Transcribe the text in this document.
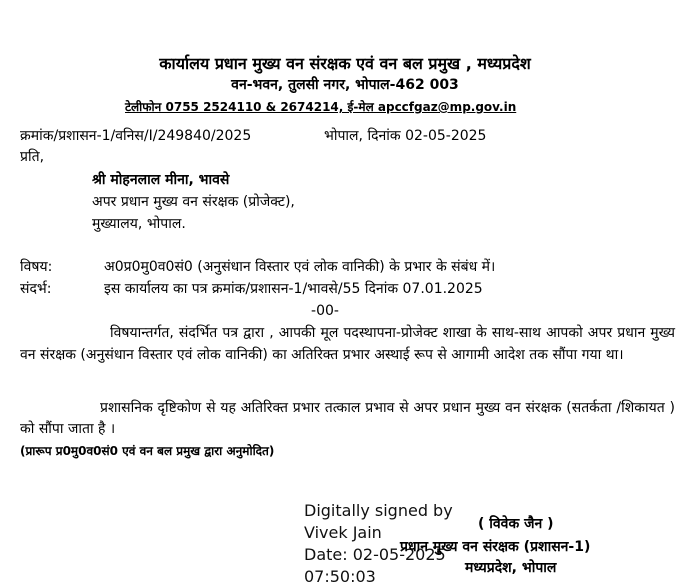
कार्यालय प्रधान मुख्य वन संरक्षक एवं वन बल प्रमुख , मध्यप्रदेश
वन-भवन, तुलसी नगर, भोपाल-462 003
टेलीफोन 0755 2524110 & 2674214, ई-मेल apccfgaz@mp.gov.in
क्रमांक/प्रशासन-1/वनिस/I/249840/2025	भोपाल, दिनांक 02-05-2025
प्रति,
श्री मोहनलाल मीना, भावसे
अपर प्रधान मुख्य वन संरक्षक (प्रोजेक्ट),
मुख्यालय, भोपाल.
विषय:	अ0प्र0मु0व0सं0 (अनुसंधान विस्तार एवं लोक वानिकी) के प्रभार के संबंध में।
संदर्भ:	इस कार्यालय का पत्र क्रमांक/प्रशासन-1/भावसे/55 दिनांक 07.01.2025
-00-

विषयान्तर्गत, संदर्भित पत्र द्वारा , आपकी मूल पदस्थापना-प्रोजेक्ट शाखा के साथ-साथ आपको अपर प्रधान मुख्य वन संरक्षक (अनुसंधान विस्तार एवं लोक वानिकी) का अतिरिक्त प्रभार अस्थाई रूप से आगामी आदेश तक सौंपा गया था।

प्रशासनिक दृष्टिकोण से यह अतिरिक्त प्रभार तत्काल प्रभाव से अपर प्रधान मुख्य वन संरक्षक (सतर्कता /शिकायत ) को सौंपा जाता है ।

(प्रारूप प्र0मु0व0सं0 एवं वन बल प्रमुख द्वारा अनुमोदित)
Digitally signed by
Vivek Jain
Date: 02-05-2025
07:50:03
( विवेक जैन )
प्रधान मुख्य वन संरक्षक (प्रशासन-1)
मध्यप्रदेश, भोपाल
